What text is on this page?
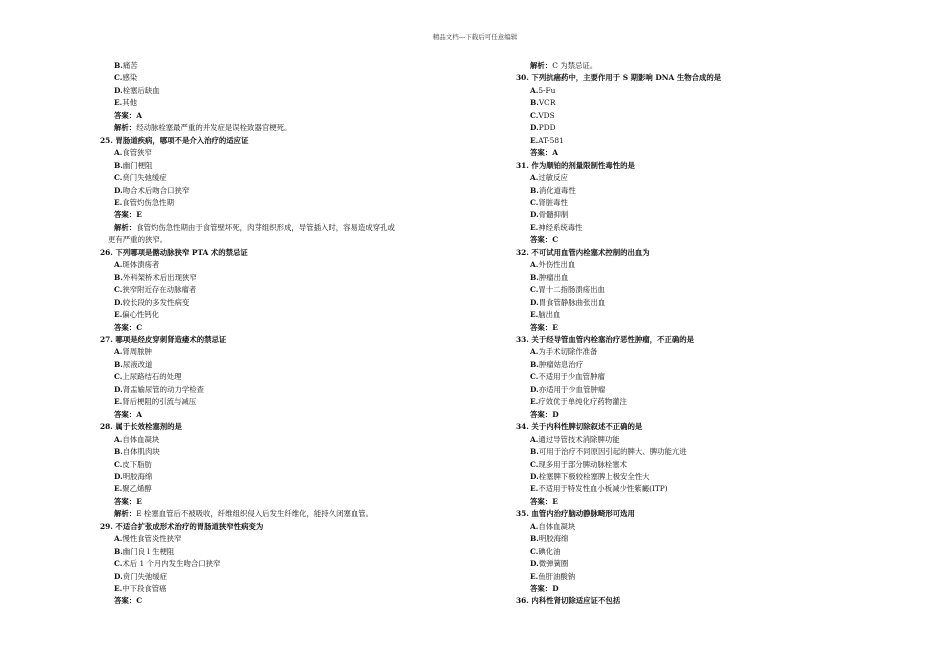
精品文档---下载后可任意编辑
B.痛苦
C.感染
D.栓塞后缺血
E.其他
答案：A
解析：经动脉栓塞最严重的并发症是误栓致器官梗死。
25. 胃肠道疾病，哪项不是介入治疗的适应证
A.食管狭窄
B.幽门梗阻
C.贲门失弛缓症
D.吻合术后吻合口狭窄
E.食管灼伤急性期
答案：E
解析：食管灼伤急性期由于食管壁坏死，肉芽组织形成，导管插入时，容易造成穿孔或
更有严重的狭窄。
26. 下列哪项是髂动脉狭窄 PTA 术的禁忌证
A.斑体溃疡者
B.外科架桥术后出现狭窄
C.狭窄附近存在动脉瘤者
D.较长段的多发性病变
E.偏心性钙化
答案：C
27. 哪项是经皮穿刺肾造瘘术的禁忌证
A.肾周脓肿
B.尿液改道
C.上尿路结石的处理
D.肾盂输尿管的动力学检查
E.肾后梗阻的引流与减压
答案：A
28. 属于长效栓塞剂的是
A.自体血凝块
B.自体肌肉块
C.皮下脂肪
D.明胶海绵
E.聚乙烯醇
答案：E
解析：E 栓塞血管后不被吸收，纤维组织侵入后发生纤维化，能持久闭塞血管。
29. 不适合扩张成形术治疗的胃肠道狭窄性病变为
A.慢性食管炎性狭窄
B.幽门良 l 生梗阻
C.术后 1 个月内发生吻合口狭窄
D.贲门失弛缓症
E.中下段食管癌
答案：C
解析：C 为禁忌证。
30. 下列抗癌药中，主要作用于 S 期影响 DNA 生物合成的是
A.5-Fu
B.VCR
C.VDS
D.PDD
E.AT-581
答案：A
31. 作为顺铂的剂量限制性毒性的是
A.过敏反应
B.消化道毒性
C.肾脏毒性
D.骨髓抑制
E.神经系统毒性
答案：C
32. 不可试用血管内栓塞术控制的出血为
A.外伤性出血
B.肿瘤出血
C.胃十二指肠溃疡出血
D.胃食管静脉曲张出血
E.脑出血
答案：E
33. 关于经导管血管内栓塞治疗恶性肿瘤，不正确的是
A.为手术切除作准备
B.肿瘤姑息治疗
C.不适用于少血管肿瘤
D.亦适用于少血管肿瘤
E.疗效优于单纯化疗药物灌注
答案：D
34. 关于内科性脾切除叙述不正确的是
A.通过导管技术消除脾功能
B.可用于治疗不同原因引起的脾大、脾功能亢进
C.现多用于部分脾动脉栓塞术
D.栓塞脾下极较栓塞脾上极安全性大
E.不适用于特发性血小板减少性紫癜(ITP)
答案：E
35. 血管内治疗脑动静脉畸形可选用
A.自体血凝块
B.明胶海绵
C.碘化油
D.微弹簧圈
E.鱼肝油酸钠
答案：D
36. 内科性肾切除适应证不包括
